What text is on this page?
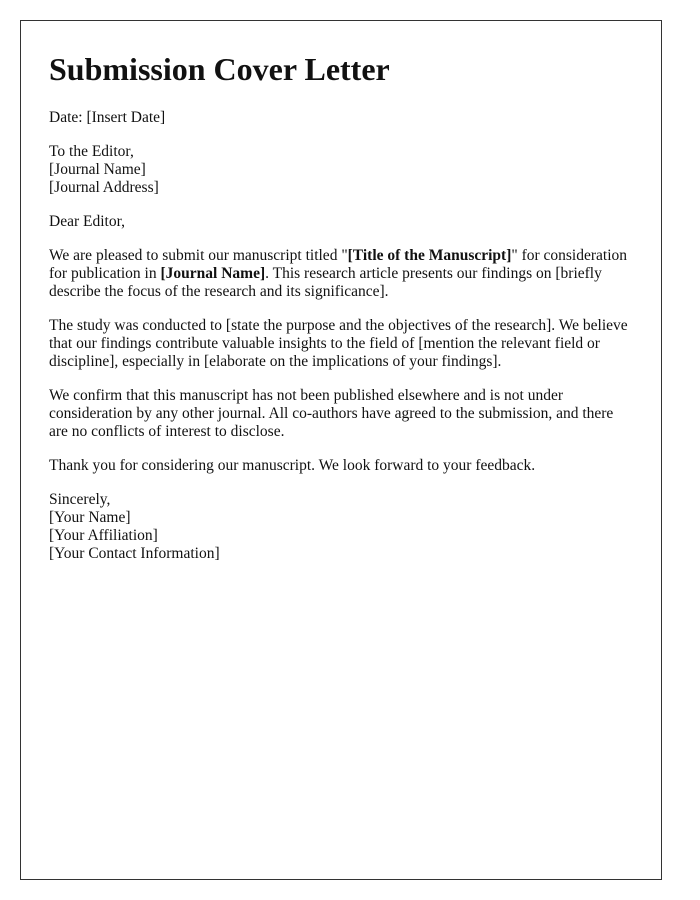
Submission Cover Letter

Date: [Insert Date]

To the Editor,
[Journal Name]
[Journal Address]

Dear Editor,

We are pleased to submit our manuscript titled "[Title of the Manuscript]" for consideration for publication in [Journal Name]. This research article presents our findings on [briefly describe the focus of the research and its significance].

The study was conducted to [state the purpose and the objectives of the research]. We believe that our findings contribute valuable insights to the field of [mention the relevant field or discipline], especially in [elaborate on the implications of your findings].

We confirm that this manuscript has not been published elsewhere and is not under consideration by any other journal. All co-authors have agreed to the submission, and there are no conflicts of interest to disclose.

Thank you for considering our manuscript. We look forward to your feedback.

Sincerely,
[Your Name]
[Your Affiliation]
[Your Contact Information]
